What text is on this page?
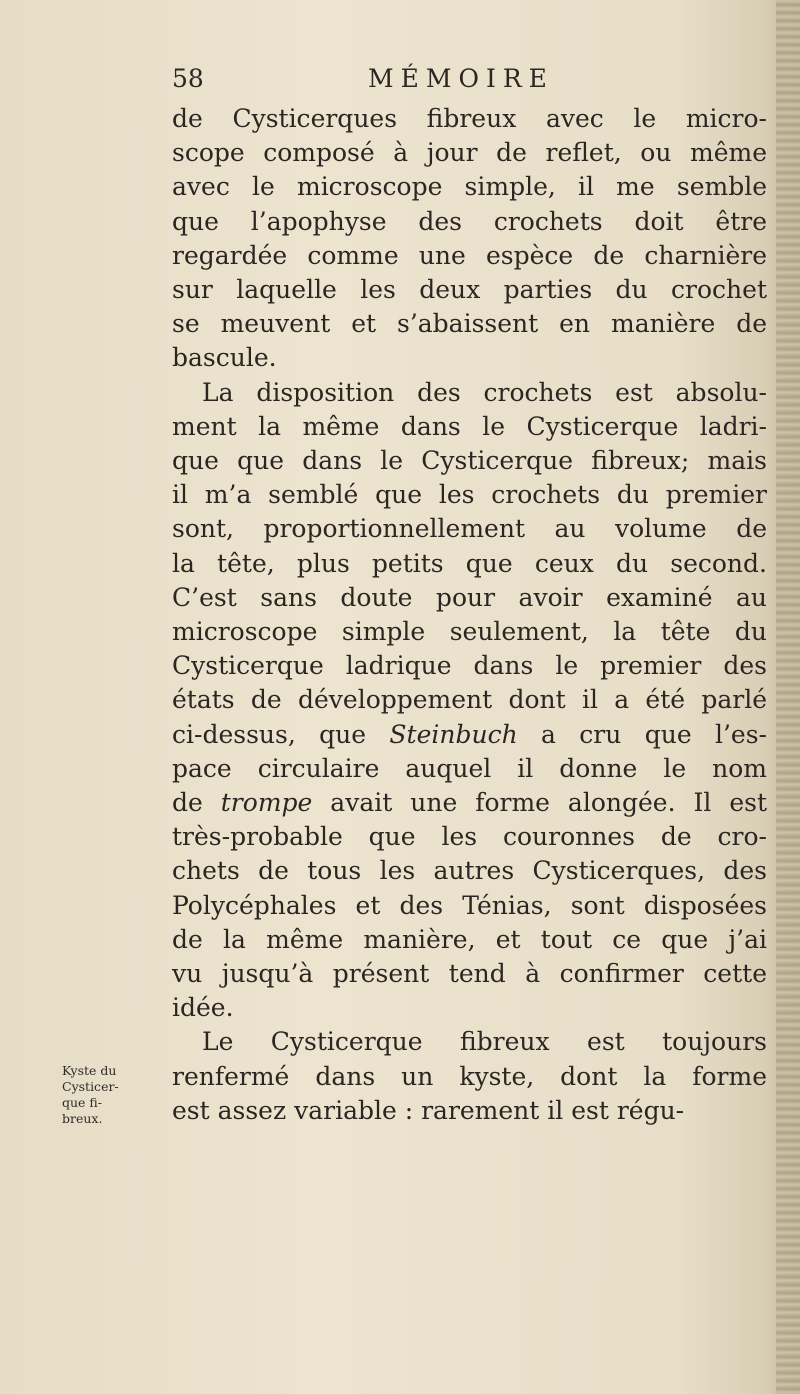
58	MÉMOIRE
de Cysticerques fibreux avec le micro-
scope composé à jour de reflet, ou même
avec le microscope simple, il me semble
que l’apophyse des crochets doit être
regardée comme une espèce de charnière
sur laquelle les deux parties du crochet
se meuvent et s’abaissent en manière de
bascule.
La disposition des crochets est absolu-
ment la même dans le Cysticerque ladri-
que que dans le Cysticerque fibreux; mais
il m’a semblé que les crochets du premier
sont, proportionnellement au volume de
la tête, plus petits que ceux du second.
C’est sans doute pour avoir examiné au
microscope simple seulement, la tête du
Cysticerque ladrique dans le premier des
états de développement dont il a été parlé
ci-dessus, que Steinbuch a cru que l’es-
pace circulaire auquel il donne le nom
de trompe avait une forme alongée. Il est
très-probable que les couronnes de cro-
chets de tous les autres Cysticerques, des
Polycéphales et des Ténias, sont disposées
de la même manière, et tout ce que j’ai
vu jusqu’à présent tend à confirmer cette
idée.
Le Cysticerque fibreux est toujours
renfermé dans un kyste, dont la forme
est assez variable : rarement il est régu-
Kyste du
Cysticer-
que fi-
breux.
